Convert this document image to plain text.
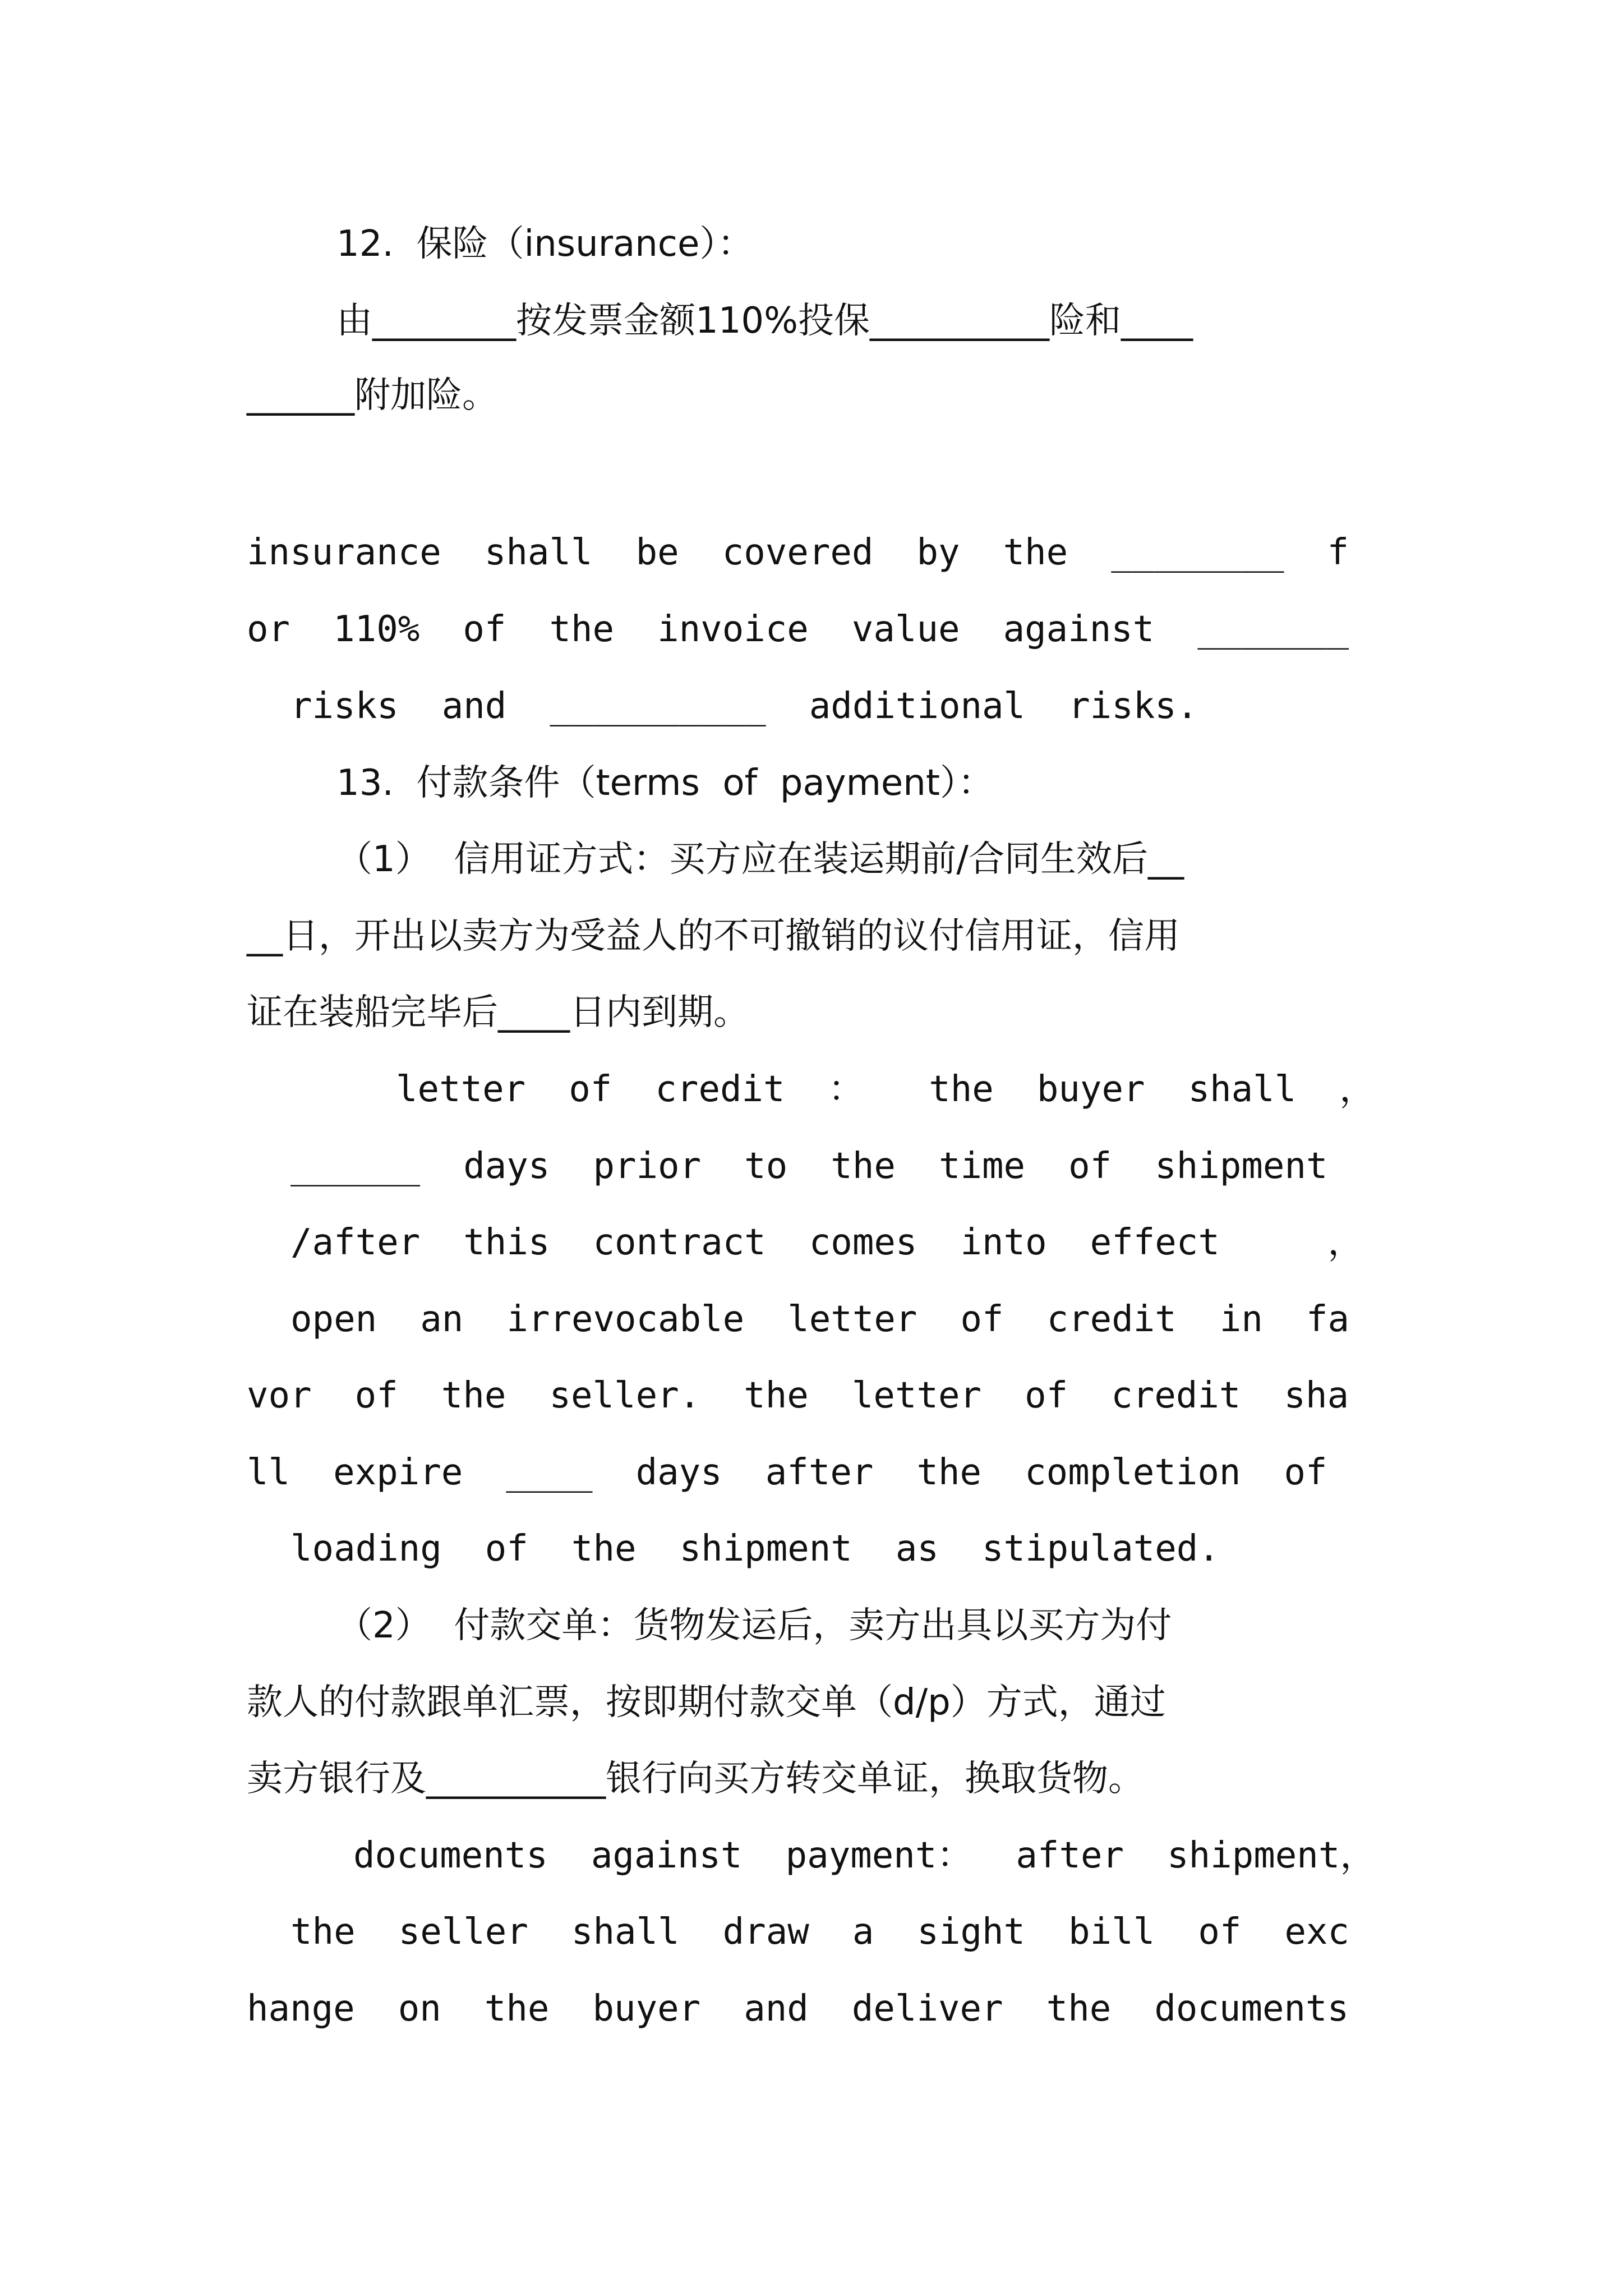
12.  保险（insurance）：
由________按发票金额110%投保__________险和____
______附加险。
insurance  shall  be  covered  by  the  ________  f
or  110%  of  the  invoice  value  against  _______
risks  and  __________  additional  risks.
13.  付款条件（terms  of  payment）：
（1）  信用证方式：买方应在装运期前/合同生效后__
__日，开出以卖方为受益人的不可撤销的议付信用证，信用
证在装船完毕后____日内到期。
letter  of  credit  ：   the  buyer  shall  ，
______  days  prior  to  the  time  of  shipment
/after  this  contract  comes  into  effect     ，
open  an  irrevocable  letter  of  credit  in  fa
vor  of  the  seller.  the  letter  of  credit  sha
ll  expire  ____  days  after  the  completion  of
loading  of  the  shipment  as  stipulated.
（2）  付款交单：货物发运后，卖方出具以买方为付
款人的付款跟单汇票，按即期付款交单（d/p）方式，通过
卖方银行及__________银行向买方转交单证，换取货物。
documents  against  payment：  after  shipment，
the  seller  shall  draw  a  sight  bill  of  exc
hange  on  the  buyer  and  deliver  the  documents
